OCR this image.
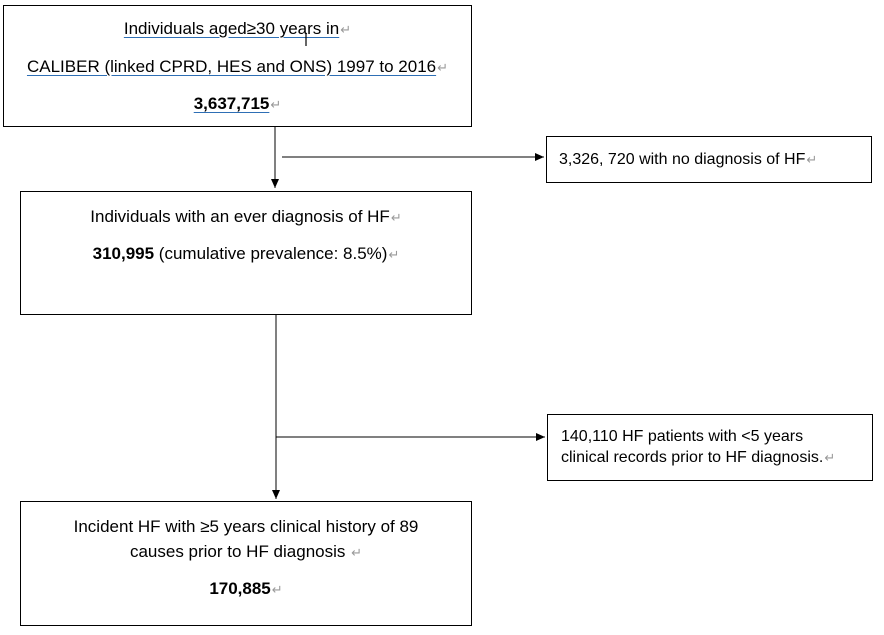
Individuals aged≥30 years in↵
CALIBER (linked CPRD, HES and ONS) 1997 to 2016↵
3,637,715↵
3,326, 720 with no diagnosis of HF↵
Individuals with an ever diagnosis of HF↵
310,995 (cumulative prevalence: 8.5%)↵
140,110 HF patients with <5 years
clinical records prior to HF diagnosis.↵
Incident HF with ≥5 years clinical history of 89
causes prior to HF diagnosis ↵
170,885↵
